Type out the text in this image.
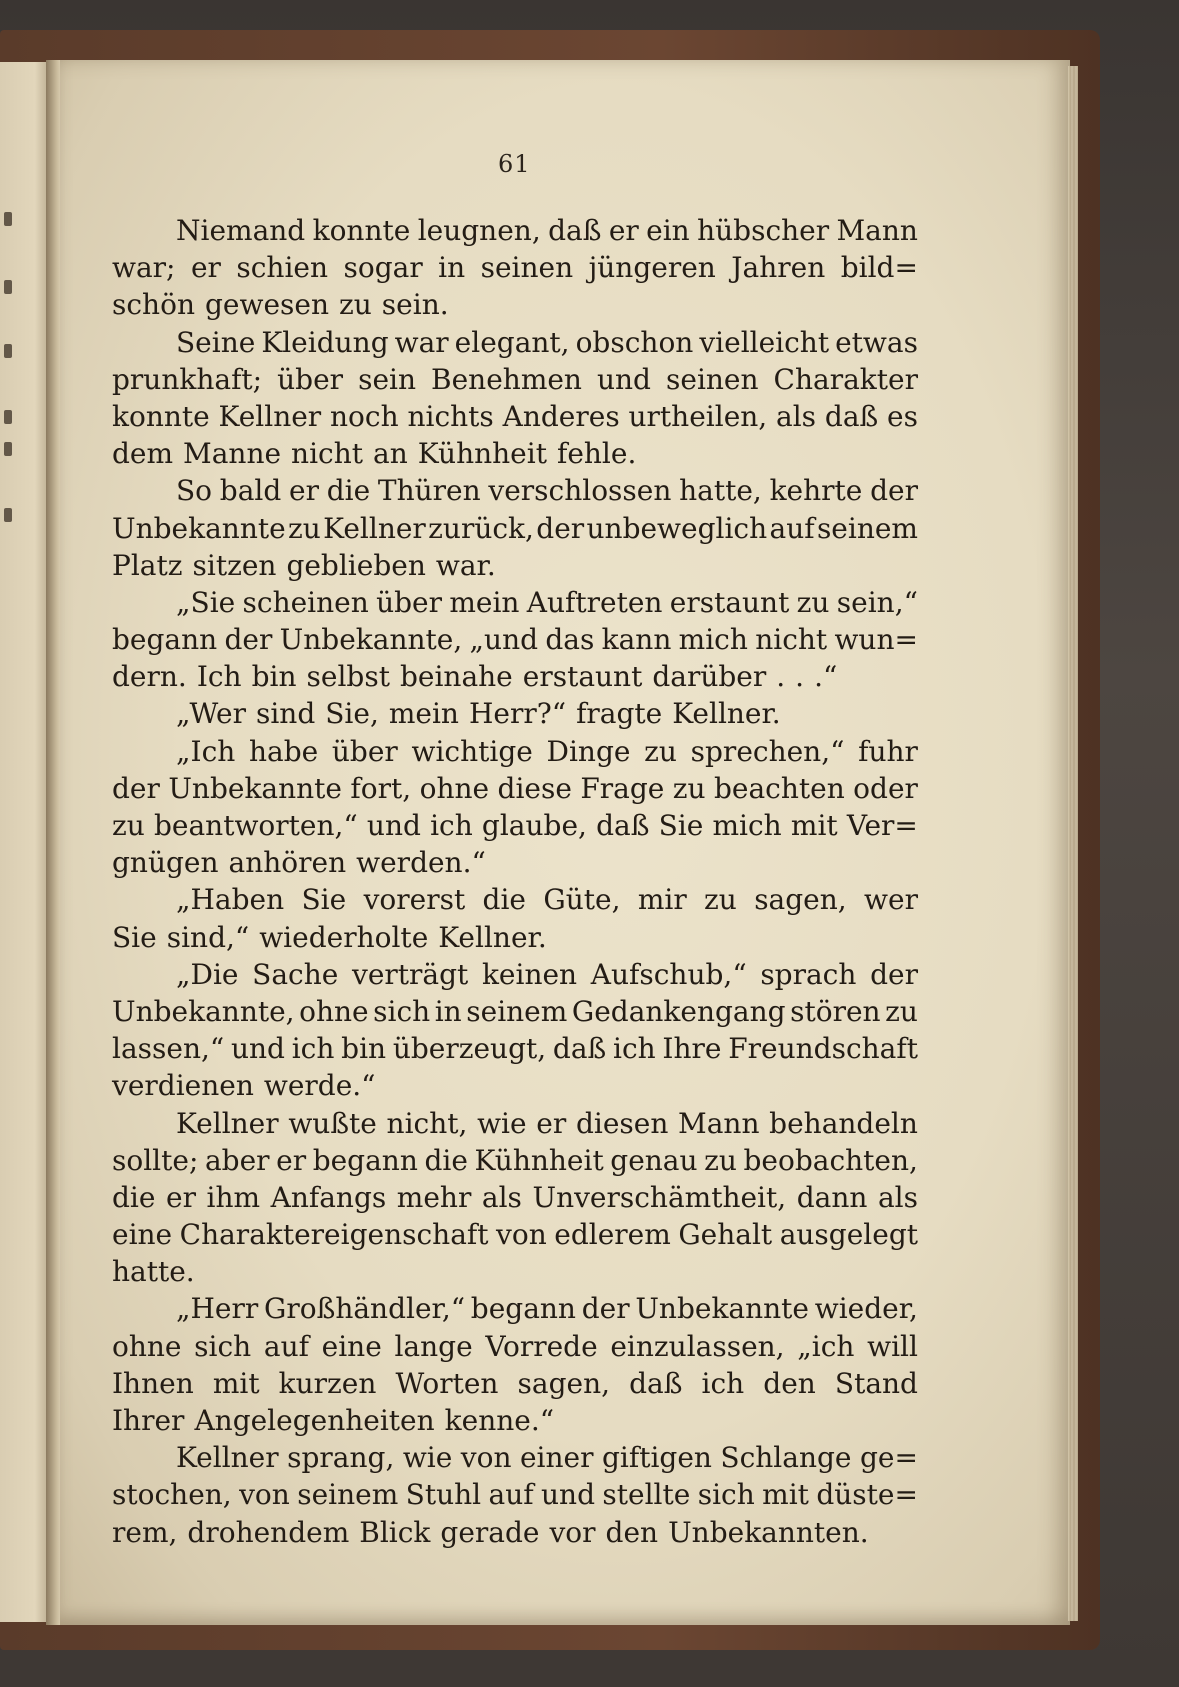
61
Niemand konnte leugnen, daß er ein hübscher Mann
war; er schien sogar in seinen jüngeren Jahren bild=
schön gewesen zu sein.
Seine Kleidung war elegant, obschon vielleicht etwas
prunkhaft; über sein Benehmen und seinen Charakter
konnte Kellner noch nichts Anderes urtheilen, als daß es
dem Manne nicht an Kühnheit fehle.
So bald er die Thüren verschlossen hatte, kehrte der
Unbekannte zu Kellner zurück, der unbeweglich auf seinem
Platz sitzen geblieben war.
„Sie scheinen über mein Auftreten erstaunt zu sein,“
begann der Unbekannte, „und das kann mich nicht wun=
dern. Ich bin selbst beinahe erstaunt darüber . . .“
„Wer sind Sie, mein Herr?“ fragte Kellner.
„Ich habe über wichtige Dinge zu sprechen,“ fuhr
der Unbekannte fort, ohne diese Frage zu beachten oder
zu beantworten,“ und ich glaube, daß Sie mich mit Ver=
gnügen anhören werden.“
„Haben Sie vorerst die Güte, mir zu sagen, wer
Sie sind,“ wiederholte Kellner.
„Die Sache verträgt keinen Aufschub,“ sprach der
Unbekannte, ohne sich in seinem Gedankengang stören zu
lassen,“ und ich bin überzeugt, daß ich Ihre Freundschaft
verdienen werde.“
Kellner wußte nicht, wie er diesen Mann behandeln
sollte; aber er begann die Kühnheit genau zu beobachten,
die er ihm Anfangs mehr als Unverschämtheit, dann als
eine Charaktereigenschaft von edlerem Gehalt ausgelegt
hatte.
„Herr Großhändler,“ begann der Unbekannte wieder,
ohne sich auf eine lange Vorrede einzulassen, „ich will
Ihnen mit kurzen Worten sagen, daß ich den Stand
Ihrer Angelegenheiten kenne.“
Kellner sprang, wie von einer giftigen Schlange ge=
stochen, von seinem Stuhl auf und stellte sich mit düste=
rem, drohendem Blick gerade vor den Unbekannten.
